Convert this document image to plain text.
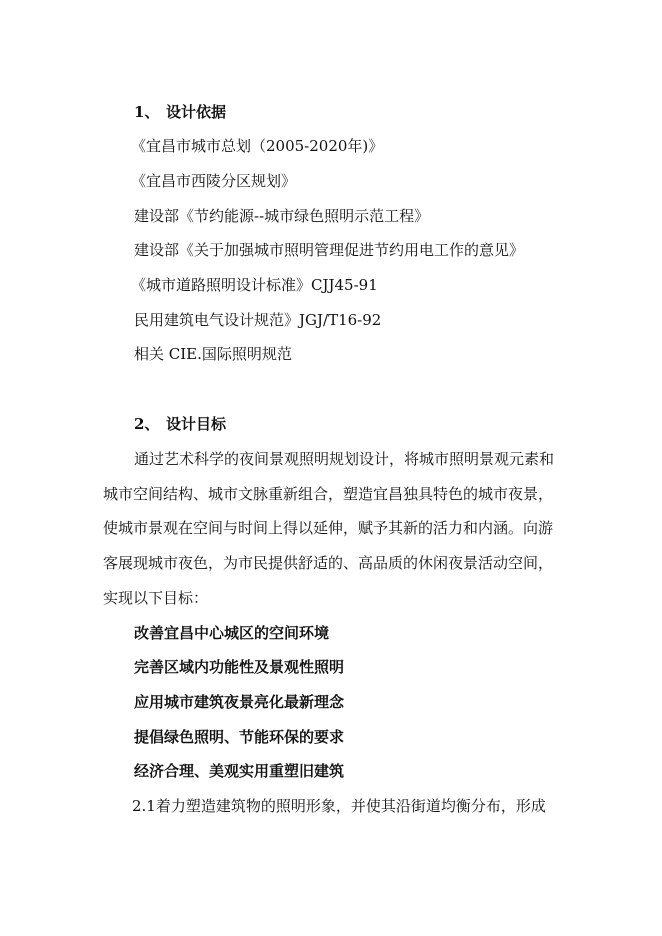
1、 设计依据
《宜昌市城市总划（2005-2020年)》
《宜昌市西陵分区规划》
建设部《节约能源--城市绿色照明示范工程》
建设部《关于加强城市照明管理促进节约用电工作的意见》
《城市道路照明设计标准》CJJ45-91
民用建筑电气设计规范》JGJ/T16-92
相关 CIE.国际照明规范
2、 设计目标
通过艺术科学的夜间景观照明规划设计，将城市照明景观元素和
城市空间结构、城市文脉重新组合，塑造宜昌独具特色的城市夜景，
使城市景观在空间与时间上得以延伸，赋予其新的活力和内涵。向游
客展现城市夜色，为市民提供舒适的、高品质的休闲夜景活动空间，
实现以下目标：
改善宜昌中心城区的空间环境
完善区域内功能性及景观性照明
应用城市建筑夜景亮化最新理念
提倡绿色照明、节能环保的要求
经济合理、美观实用重塑旧建筑
2.1着力塑造建筑物的照明形象，并使其沿街道均衡分布，形成
